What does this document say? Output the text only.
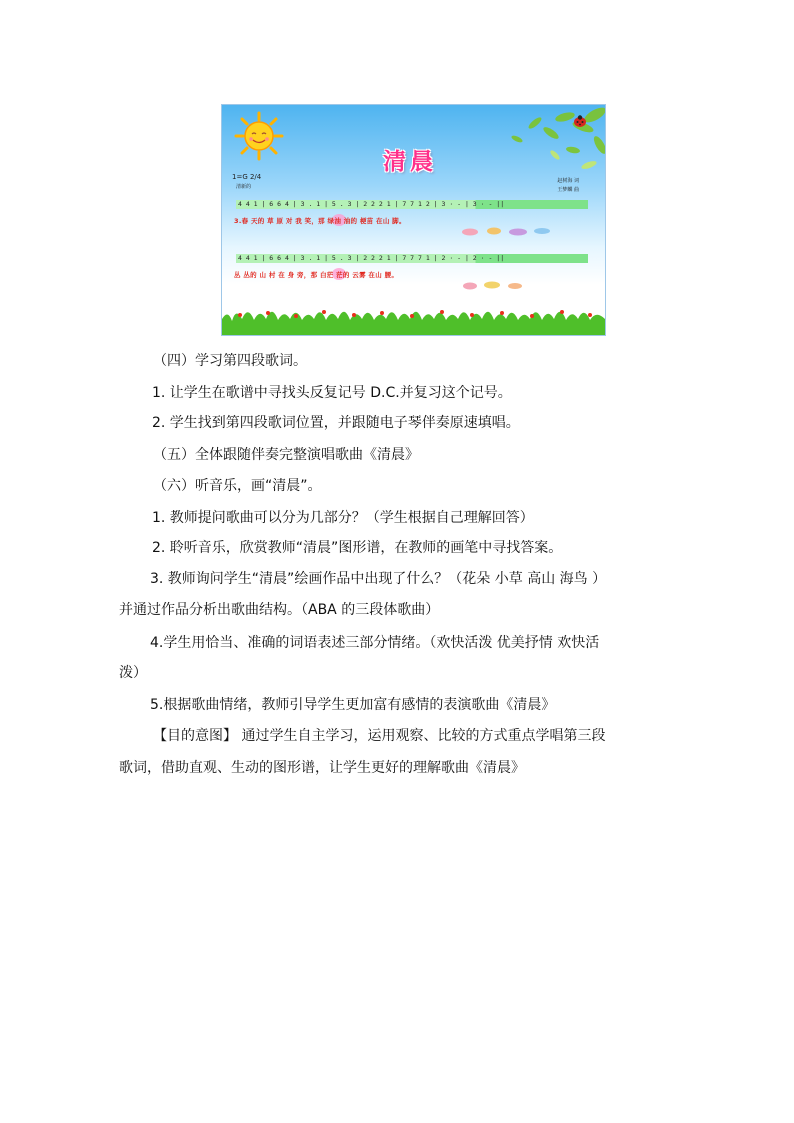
清晨
1=G 2/4
清新的
赵树海 词
王梦麟 曲
4 4 1 | 6 6 4 | 3 . 1 | 5 . 3 | 2 2 2 1 | 7 7 1 2 | 3 · - | 3 · - ||
3.春 天的 草 原 对 我 笑，那 绿油 油的 梗苗 在山 脚。
4 4 1 | 6 6 4 | 3 . 1 | 5 . 3 | 2 2 2 1 | 7 7 7 1 | 2 · - | 2 · - ||
丛 丛的 山 村 在 身 旁，那 白茫 茫的 云雾 在山 腰。
（四）学习第四段歌词。
1. 让学生在歌谱中寻找头反复记号 D.C.并复习这个记号。
2. 学生找到第四段歌词位置，并跟随电子琴伴奏原速填唱。
（五）全体跟随伴奏完整演唱歌曲《清晨》
（六）听音乐，画“清晨”。
1. 教师提问歌曲可以分为几部分？（学生根据自己理解回答）
2. 聆听音乐，欣赏教师“清晨”图形谱，在教师的画笔中寻找答案。
3. 教师询问学生“清晨”绘画作品中出现了什么？（花朵 小草 高山 海鸟 ）
并通过作品分析出歌曲结构。（ABA 的三段体歌曲）
4.学生用恰当、准确的词语表述三部分情绪。（欢快活泼 优美抒情 欢快活
泼）
5.根据歌曲情绪，教师引导学生更加富有感情的表演歌曲《清晨》
【目的意图】 通过学生自主学习，运用观察、比较的方式重点学唱第三段
歌词，借助直观、生动的图形谱，让学生更好的理解歌曲《清晨》
